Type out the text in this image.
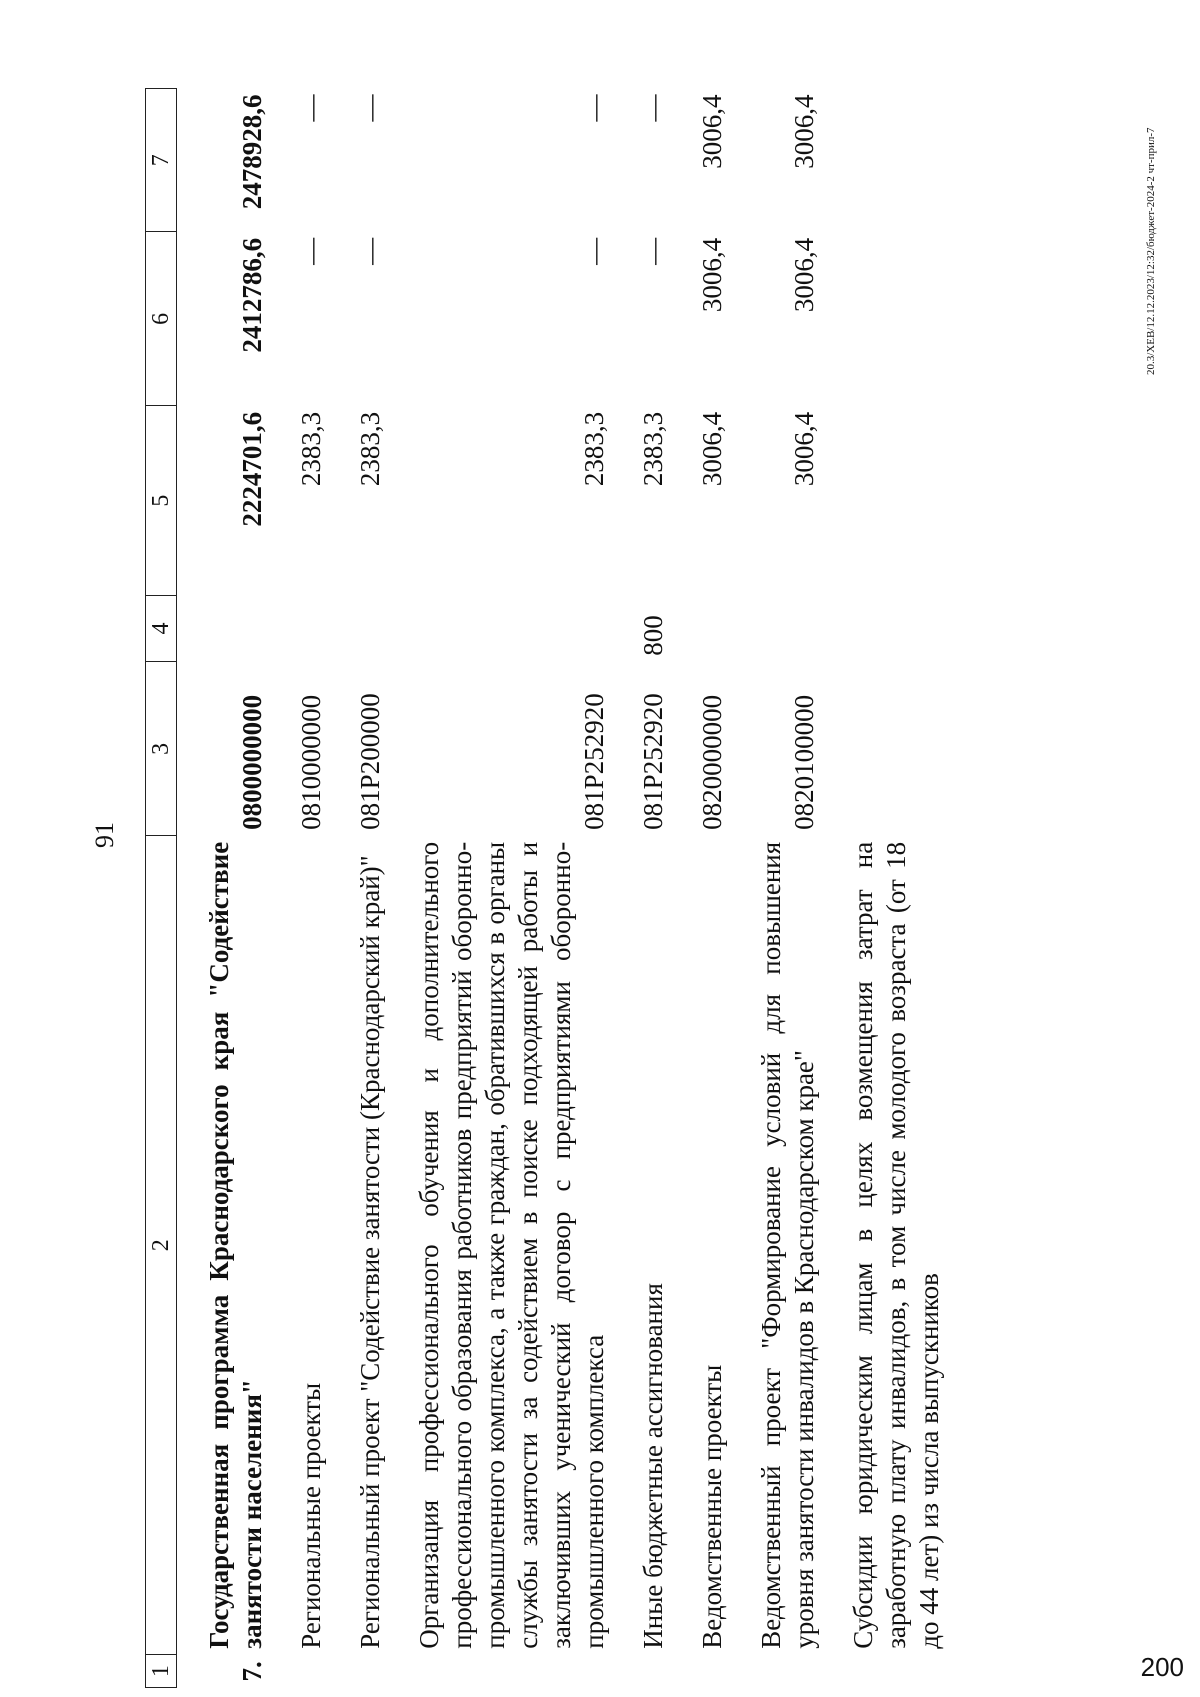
91
20.3/ХЕВ/12.12.2023/12:32/бюджет-2024-2 чт-прил-7
200
1	2	3	4	5	6	7
7.	Государственная программа Краснодарского края "Содействие занятости населения"	0800000000		2224701,6	2412786,6	2478928,6
	Региональные проекты	0810000000		2383,3	—	—
	Региональный проект "Содействие занятости (Краснодарский край)"	081P200000		2383,3	—	—
	Организация профессионального обучения и дополнительного профессионального образования работников предприятий оборонно-промышленного комплекса, а также граждан, обратившихся в органы службы занятости за содействием в поиске подходящей работы и заключивших ученический договор с предприятиями оборонно-промышленного комплекса	081P252920		2383,3	—	—
	Иные бюджетные ассигнования	081P252920	800	2383,3	—	—
	Ведомственные проекты	0820000000		3006,4	3006,4	3006,4
	Ведомственный проект "Формирование условий для повышения уровня занятости инвалидов в Краснодарском крае"	0820100000		3006,4	3006,4	3006,4
	Субсидии юридическим лицам в целях возмещения затрат на заработную плату инвалидов, в том числе молодого возраста (от 18 до 44 лет) из числа выпускников					
